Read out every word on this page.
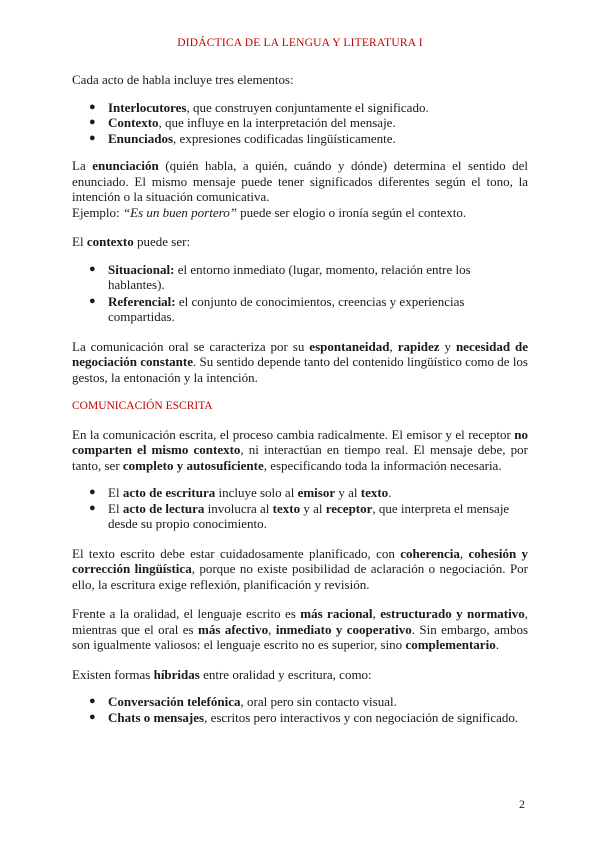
DIDÁCTICA DE LA LENGUA Y LITERATURA I

Cada acto de habla incluye tres elementos:

● Interlocutores, que construyen conjuntamente el significado.
● Contexto, que influye en la interpretación del mensaje.
● Enunciados, expresiones codificadas lingüísticamente.

La enunciación (quién habla, a quién, cuándo y dónde) determina el sentido del enunciado. El mismo mensaje puede tener significados diferentes según el tono, la intención o la situación comunicativa.

Ejemplo: “Es un buen portero” puede ser elogio o ironía según el contexto.

El contexto puede ser:

● Situacional: el entorno inmediato (lugar, momento, relación entre los hablantes).
● Referencial: el conjunto de conocimientos, creencias y experiencias compartidas.

La comunicación oral se caracteriza por su espontaneidad, rapidez y necesidad de negociación constante. Su sentido depende tanto del contenido lingüístico como de los gestos, la entonación y la intención.

COMUNICACIÓN ESCRITA

En la comunicación escrita, el proceso cambia radicalmente. El emisor y el receptor no comparten el mismo contexto, ni interactúan en tiempo real. El mensaje debe, por tanto, ser completo y autosuficiente, especificando toda la información necesaria.

● El acto de escritura incluye solo al emisor y al texto.
● El acto de lectura involucra al texto y al receptor, que interpreta el mensaje desde su propio conocimiento.

El texto escrito debe estar cuidadosamente planificado, con coherencia, cohesión y corrección lingüística, porque no existe posibilidad de aclaración o negociación. Por ello, la escritura exige reflexión, planificación y revisión.

Frente a la oralidad, el lenguaje escrito es más racional, estructurado y normativo, mientras que el oral es más afectivo, inmediato y cooperativo. Sin embargo, ambos son igualmente valiosos: el lenguaje escrito no es superior, sino complementario.

Existen formas híbridas entre oralidad y escritura, como:

● Conversación telefónica, oral pero sin contacto visual.
● Chats o mensajes, escritos pero interactivos y con negociación de significado.
2
